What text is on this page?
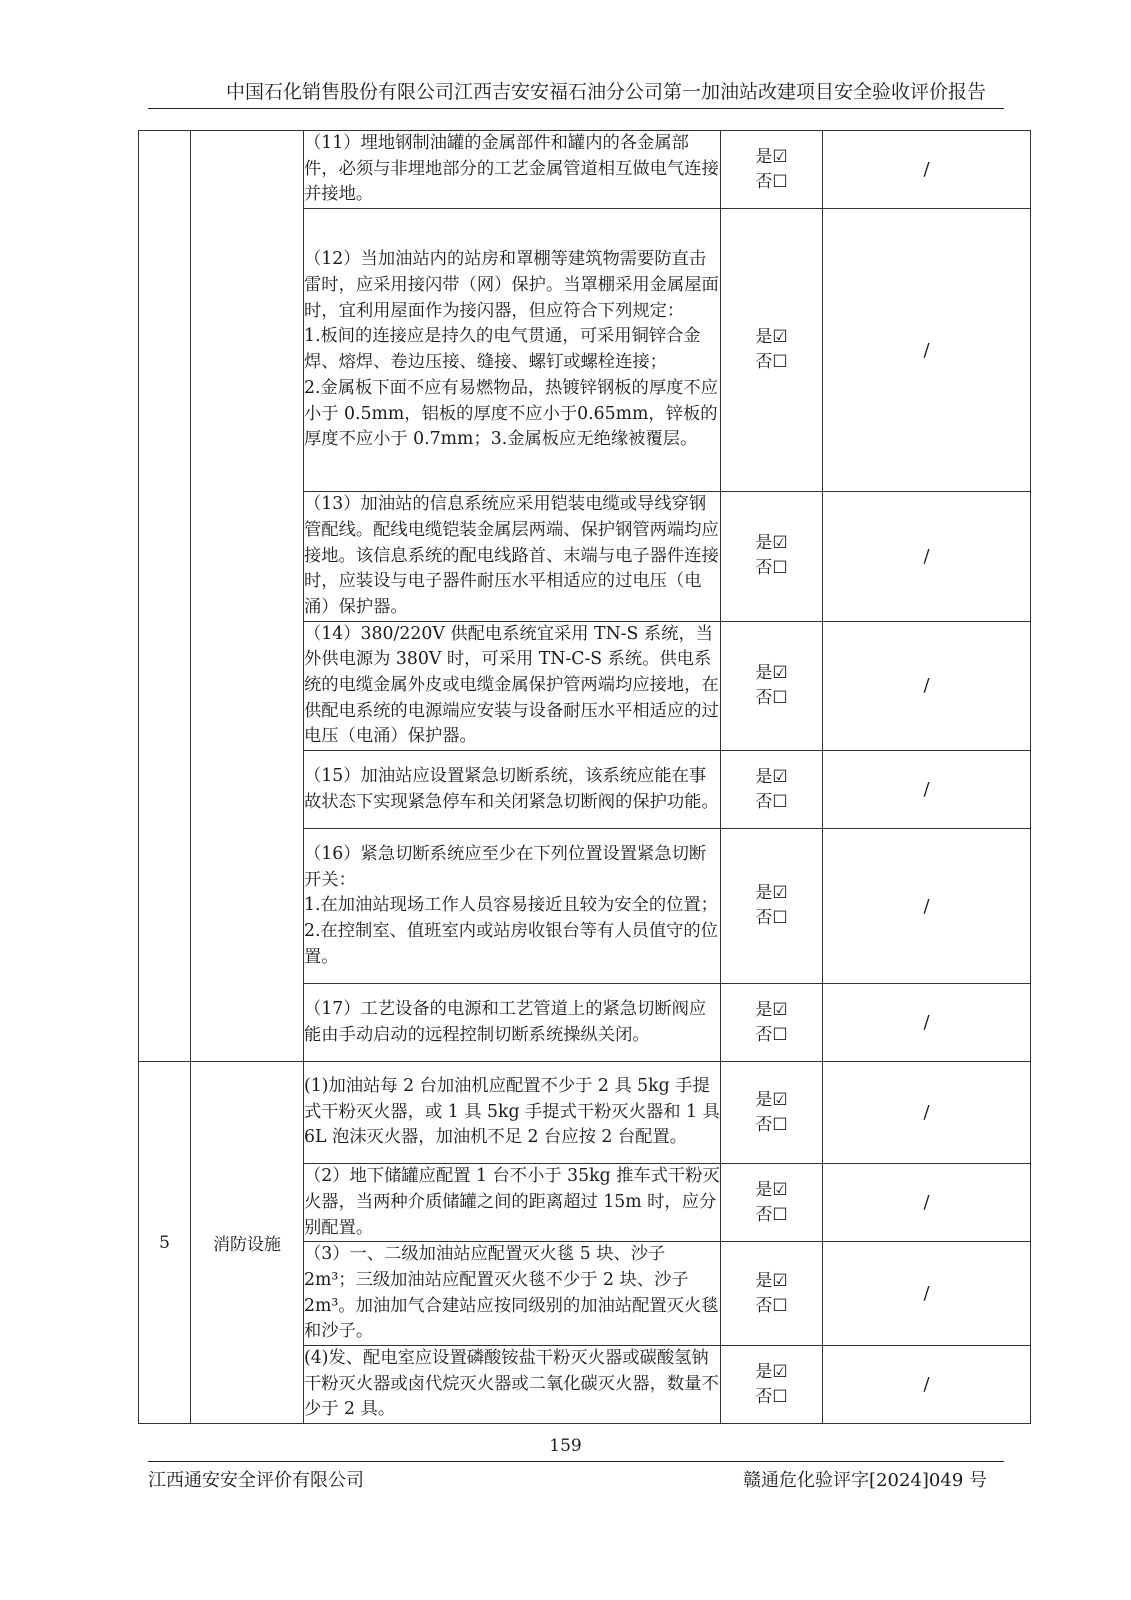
中国石化销售股份有限公司江西吉安安福石油分公司第一加油站改建项目安全验收评价报告

		（11）埋地钢制油罐的金属部件和罐内的各金属部件，必须与非埋地部分的工艺金属管道相互做电气连接并接地。	是☑
否☐	/

		（12）当加油站内的站房和罩棚等建筑物需要防直击雷时，应采用接闪带（网）保护。当罩棚采用金属屋面时，宜利用屋面作为接闪器，但应符合下列规定：
1.板间的连接应是持久的电气贯通，可采用铜锌合金焊、熔焊、卷边压接、缝接、螺钉或螺栓连接；
2.金属板下面不应有易燃物品，热镀锌钢板的厚度不应小于 0.5mm，铝板的厚度不应小于0.65mm，锌板的厚度不应小于 0.7mm；3.金属板应无绝缘被覆层。	是☑
否☐	/

		（13）加油站的信息系统应采用铠装电缆或导线穿钢管配线。配线电缆铠装金属层两端、保护钢管两端均应接地。该信息系统的配电线路首、末端与电子器件连接时，应装设与电子器件耐压水平相适应的过电压（电涌）保护器。	是☑
否☐	/

		（14）380/220V 供配电系统宜采用 TN-S 系统，当外供电源为 380V 时，可采用 TN-C-S 系统。供电系统的电缆金属外皮或电缆金属保护管两端均应接地，在供配电系统的电源端应安装与设备耐压水平相适应的过电压（电涌）保护器。	是☑
否☐	/

		（15）加油站应设置紧急切断系统，该系统应能在事故状态下实现紧急停车和关闭紧急切断阀的保护功能。	是☑
否☐	/

		（16）紧急切断系统应至少在下列位置设置紧急切断开关：
1.在加油站现场工作人员容易接近且较为安全的位置；
2.在控制室、值班室内或站房收银台等有人员值守的位置。	是☑
否☐	/

		（17）工艺设备的电源和工艺管道上的紧急切断阀应能由手动启动的远程控制切断系统操纵关闭。	是☑
否☐	/
5	消防设施	(1)加油站每 2 台加油机应配置不少于 2 具 5kg 手提式干粉灭火器，或 1 具 5kg 手提式干粉灭火器和 1 具 6L 泡沫灭火器，加油机不足 2 台应按 2 台配置。	是☑
否☐	/

		（2）地下储罐应配置 1 台不小于 35kg 推车式干粉灭火器，当两种介质储罐之间的距离超过 15m 时，应分别配置。	是☑
否☐	/

		（3）一、二级加油站应配置灭火毯 5 块、沙子 2m³；三级加油站应配置灭火毯不少于 2 块、沙子 2m³。加油加气合建站应按同级别的加油站配置灭火毯和沙子。	是☑
否☐	/

		(4)发、配电室应设置磷酸铵盐干粉灭火器或碳酸氢钠干粉灭火器或卤代烷灭火器或二氧化碳灭火器，数量不少于 2 具。	是☑
否☐	/
159
江西通安安全评价有限公司	赣通危化验评字[2024]049 号
